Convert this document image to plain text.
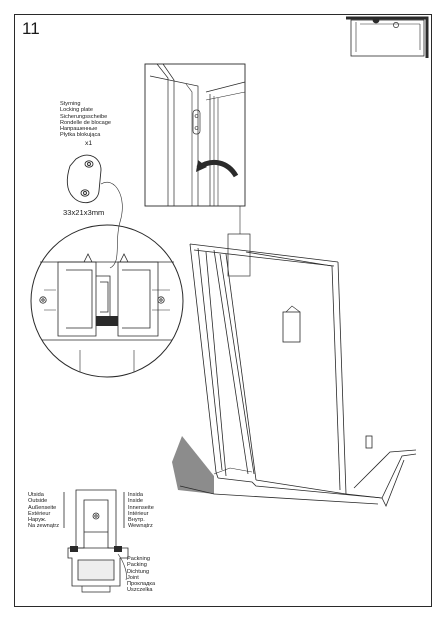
11
Styrning
Locking plate
Sicherungsscheibe
Rondelle de blocage
Напрашенные
Płytka blokująca
x1
33x21x3mm
Utsida
Outside
Außenseite
Extérieur
Наруж.
Na zewnątrz
Insida
Inside
Innenseite
Intérieur
Внутр.
Wewnątrz
Packning
Packing
Dichtung
Joint
Прокладка
Uszczelka
